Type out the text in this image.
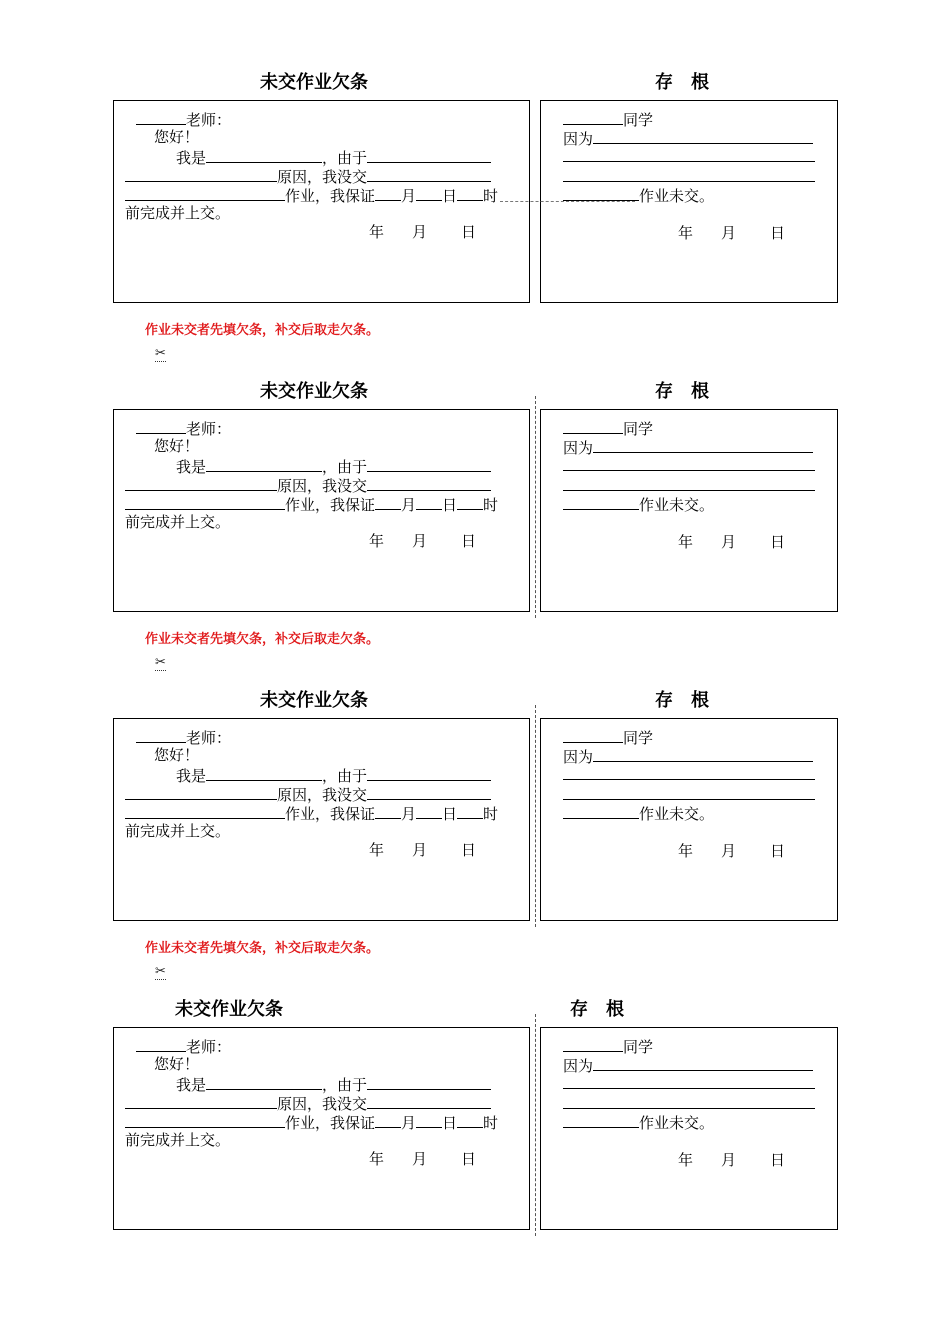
未交作业欠条	存　根
老师：
您好！
我是	，由于
原因，我没交
作业，我保证 月 日 时
前完成并上交。
年 月 日
同学
因为
作业未交。
年 月 日
作业未交者先填欠条，补交后取走欠条。
✂
未交作业欠条	存　根
老师：
您好！
我是	，由于
原因，我没交
作业，我保证 月 日 时
前完成并上交。
年 月 日
同学
因为
作业未交。
年 月 日
作业未交者先填欠条，补交后取走欠条。
✂
未交作业欠条	存　根
老师：
您好！
我是	，由于
原因，我没交
作业，我保证 月 日 时
前完成并上交。
年 月 日
同学
因为
作业未交。
年 月 日
作业未交者先填欠条，补交后取走欠条。
✂
未交作业欠条	存　根
老师：
您好！
我是	，由于
原因，我没交
作业，我保证 月 日 时
前完成并上交。
年 月 日
同学
因为
作业未交。
年 月 日
